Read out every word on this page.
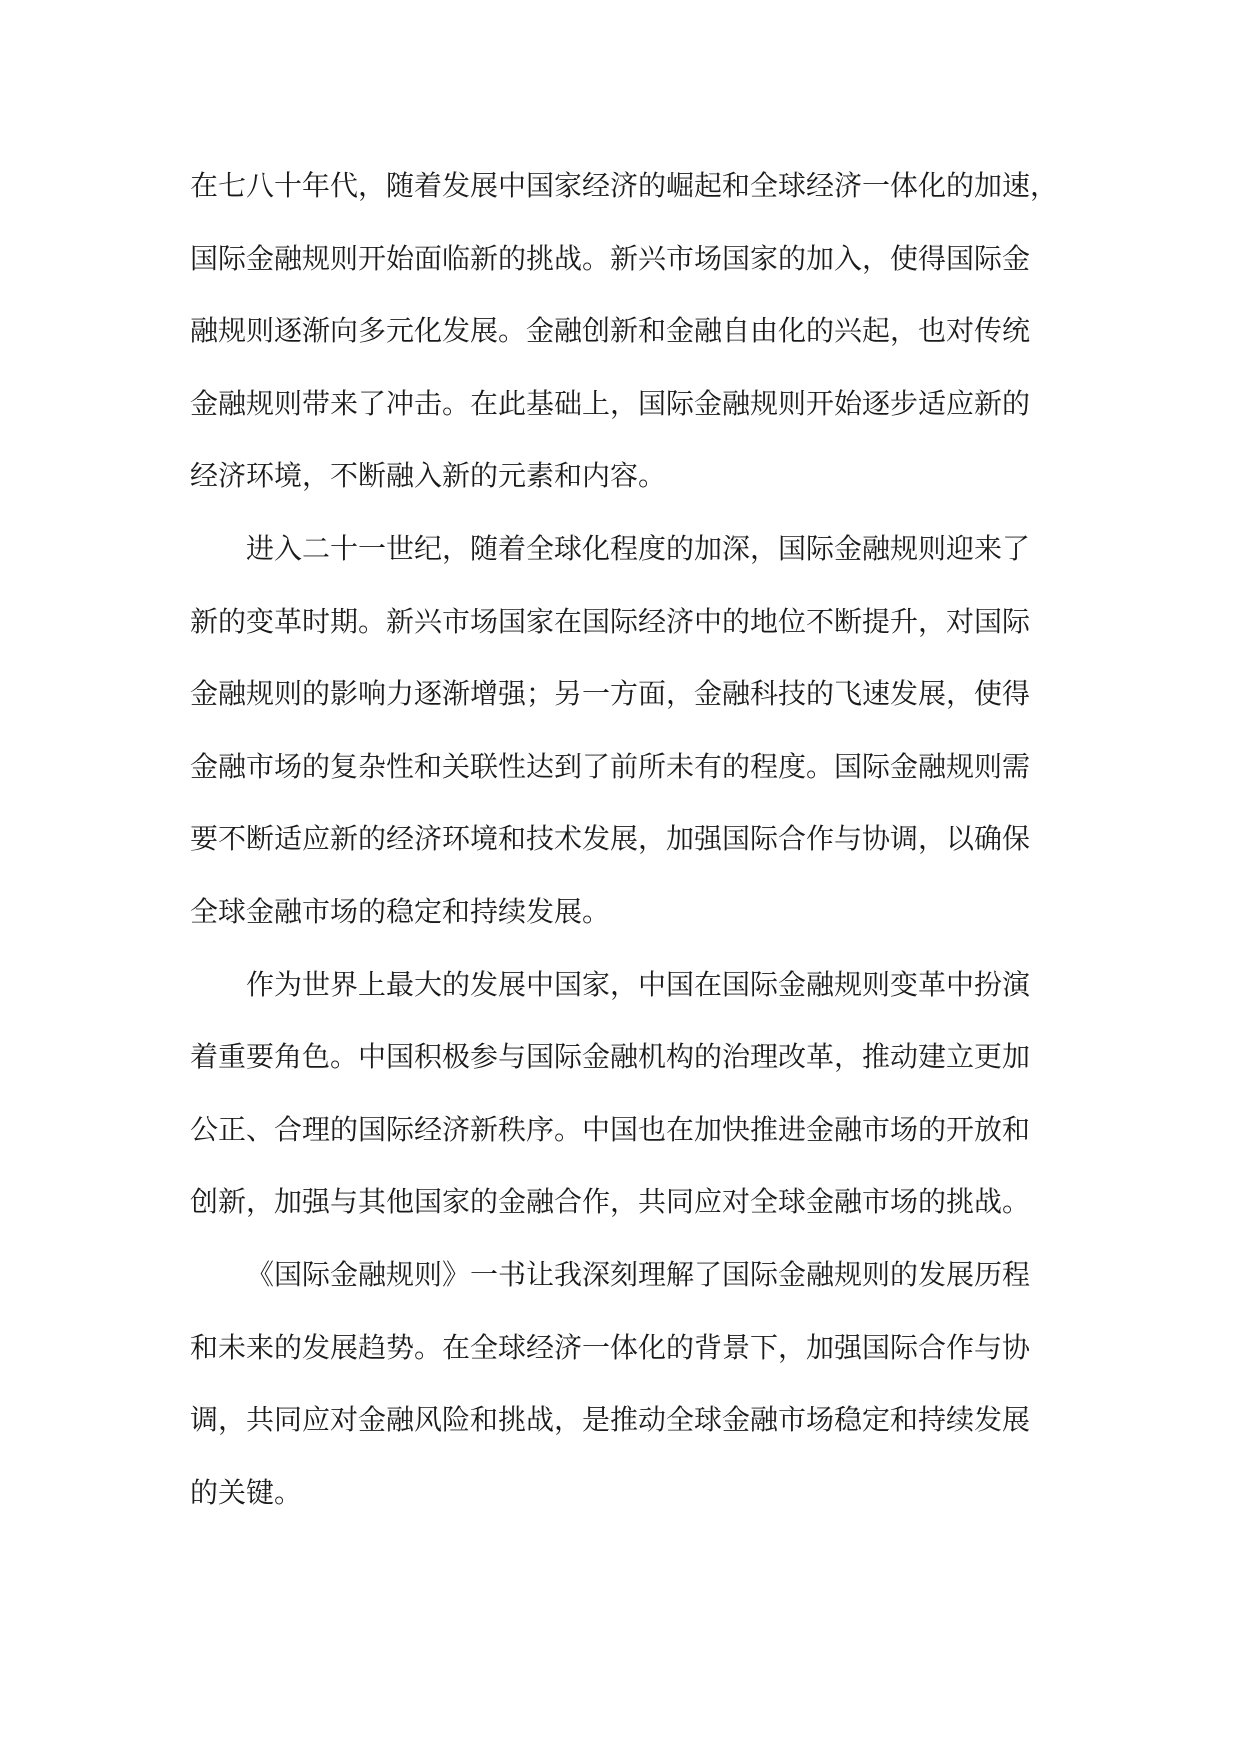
在七八十年代，随着发展中国家经济的崛起和全球经济一体化的加速，
国际金融规则开始面临新的挑战。新兴市场国家的加入，使得国际金
融规则逐渐向多元化发展。金融创新和金融自由化的兴起，也对传统
金融规则带来了冲击。在此基础上，国际金融规则开始逐步适应新的
经济环境，不断融入新的元素和内容。
进入二十一世纪，随着全球化程度的加深，国际金融规则迎来了
新的变革时期。新兴市场国家在国际经济中的地位不断提升，对国际
金融规则的影响力逐渐增强；另一方面，金融科技的飞速发展，使得
金融市场的复杂性和关联性达到了前所未有的程度。国际金融规则需
要不断适应新的经济环境和技术发展，加强国际合作与协调，以确保
全球金融市场的稳定和持续发展。
作为世界上最大的发展中国家，中国在国际金融规则变革中扮演
着重要角色。中国积极参与国际金融机构的治理改革，推动建立更加
公正、合理的国际经济新秩序。中国也在加快推进金融市场的开放和
创新，加强与其他国家的金融合作，共同应对全球金融市场的挑战。
《国际金融规则》一书让我深刻理解了国际金融规则的发展历程
和未来的发展趋势。在全球经济一体化的背景下，加强国际合作与协
调，共同应对金融风险和挑战，是推动全球金融市场稳定和持续发展
的关键。
